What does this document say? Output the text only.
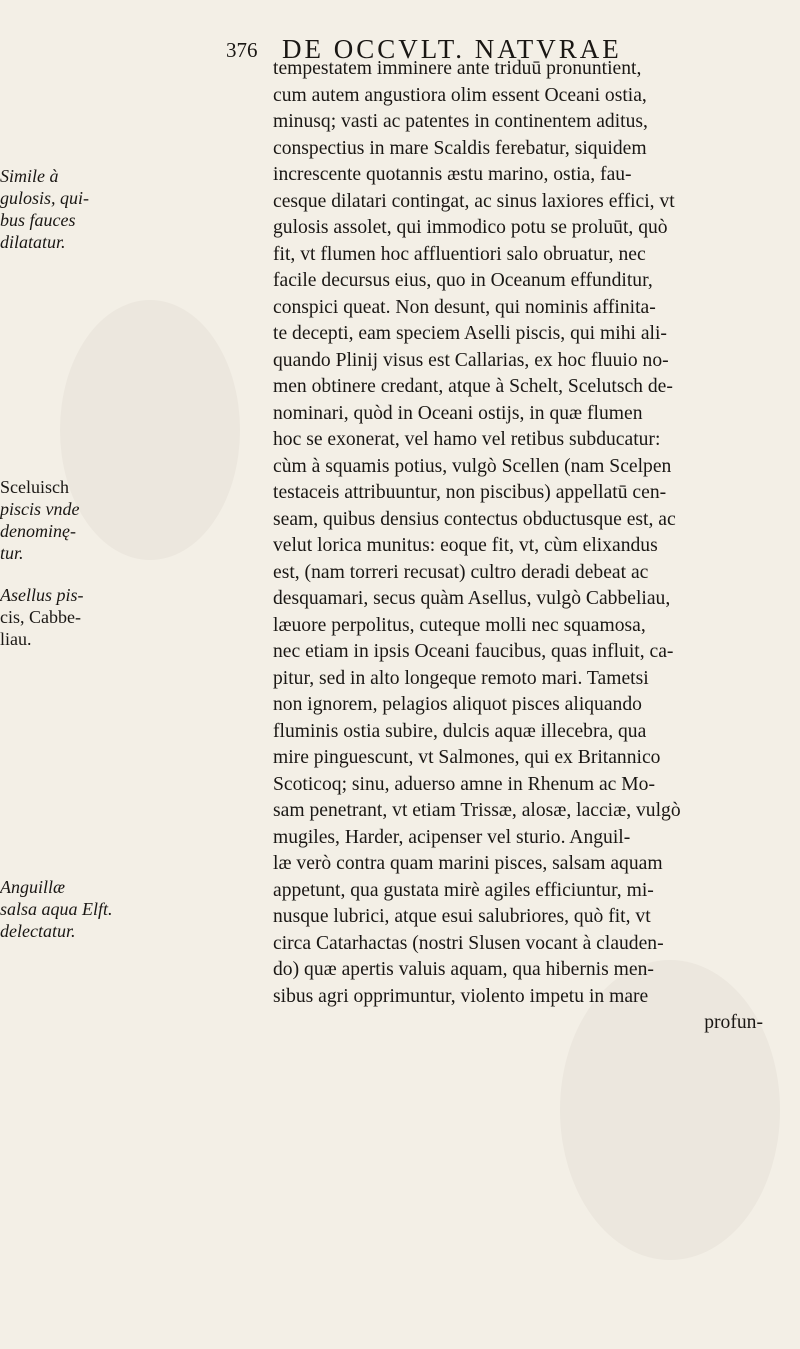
376 DE OCCVLT. NATVRAE
tempestatem imminere ante triduū pronuntient,
cum autem angustiora olim essent Oceani ostia,
minusq; vasti ac patentes in continentem aditus,
conspectius in mare Scaldis ferebatur, siquidem
increscente quotannis æstu marino, ostia, fau-
cesque dilatari contingat, ac sinus laxiores effici, vt
gulosis assolet, qui immodico potu se proluūt, quò
fit, vt flumen hoc affluentiori salo obruatur, nec
facile decursus eius, quo in Oceanum effunditur,
conspici queat. Non desunt, qui nominis affinita-
te decepti, eam speciem Aselli piscis, qui mihi ali-
quando Plinij visus est Callarias, ex hoc fluuio no-
men obtinere credant, atque à Schelt, Scelutsch de-
nominari, quòd in Oceani ostijs, in quæ flumen
hoc se exonerat, vel hamo vel retibus subducatur:
cùm à squamis potius, vulgò Scellen (nam Scelpen
testaceis attribuuntur, non piscibus) appellatū cen-
seam, quibus densius contectus obductusque est, ac
velut lorica munitus: eoque fit, vt, cùm elixandus
est, (nam torreri recusat) cultro deradi debeat ac
desquamari, secus quàm Asellus, vulgò Cabbeliau,
læuore perpolitus, cuteque molli nec squamosa,
nec etiam in ipsis Oceani faucibus, quas influit, ca-
pitur, sed in alto longeque remoto mari. Tametsi
non ignorem, pelagios aliquot pisces aliquando
fluminis ostia subire, dulcis aquæ illecebra, qua
mire pinguescunt, vt Salmones, qui ex Britannico
Scoticoq; sinu, aduerso amne in Rhenum ac Mo-
sam penetrant, vt etiam Trissæ, alosæ, lacciæ, vulgò
mugiles, Harder, acipenser vel sturio. Anguil-
læ verò contra quam marini pisces, salsam aquam
appetunt, qua gustata mirè agiles efficiuntur, mi-
nusque lubrici, atque esui salubriores, quò fit, vt
circa Catarhactas (nostri Slusen vocant à clauden-
do) quæ apertis valuis aquam, qua hibernis men-
sibus agri opprimuntur, violento impetu in mare
profun-
Simile à
gulosis, qui-
bus fauces
dilatatur.
Sceluisch
piscis vnde
denominę-
tur.
Asellus pis-
cis, Cabbe-
liau.
Anguillæ
salsa aqua Elft.
delectatur.
